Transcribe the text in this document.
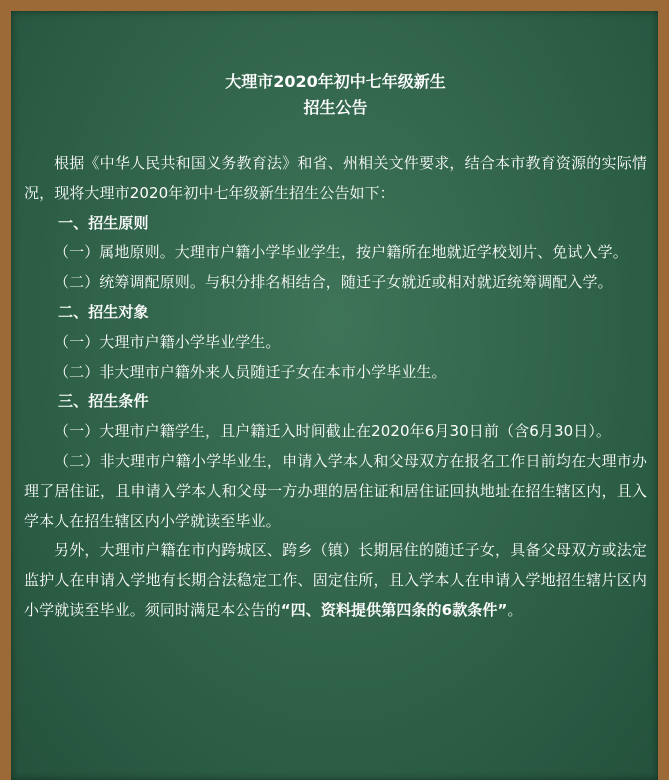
大理市2020年初中七年级新生
招生公告

根据《中华人民共和国义务教育法》和省、州相关文件要求，结合本市教育资源的实际情况，现将大理市2020年初中七年级新生招生公告如下：

一、招生原则

（一）属地原则。大理市户籍小学毕业学生，按户籍所在地就近学校划片、免试入学。

（二）统筹调配原则。与积分排名相结合，随迁子女就近或相对就近统筹调配入学。

二、招生对象

（一）大理市户籍小学毕业学生。

（二）非大理市户籍外来人员随迁子女在本市小学毕业生。

三、招生条件

（一）大理市户籍学生，且户籍迁入时间截止在2020年6月30日前（含6月30日）。

（二）非大理市户籍小学毕业生，申请入学本人和父母双方在报名工作日前均在大理市办理了居住证，且申请入学本人和父母一方办理的居住证和居住证回执地址在招生辖区内，且入学本人在招生辖区内小学就读至毕业。

另外，大理市户籍在市内跨城区、跨乡（镇）长期居住的随迁子女，具备父母双方或法定监护人在申请入学地有长期合法稳定工作、固定住所，且入学本人在申请入学地招生辖片区内小学就读至毕业。须同时满足本公告的“四、资料提供第四条的6款条件”。
